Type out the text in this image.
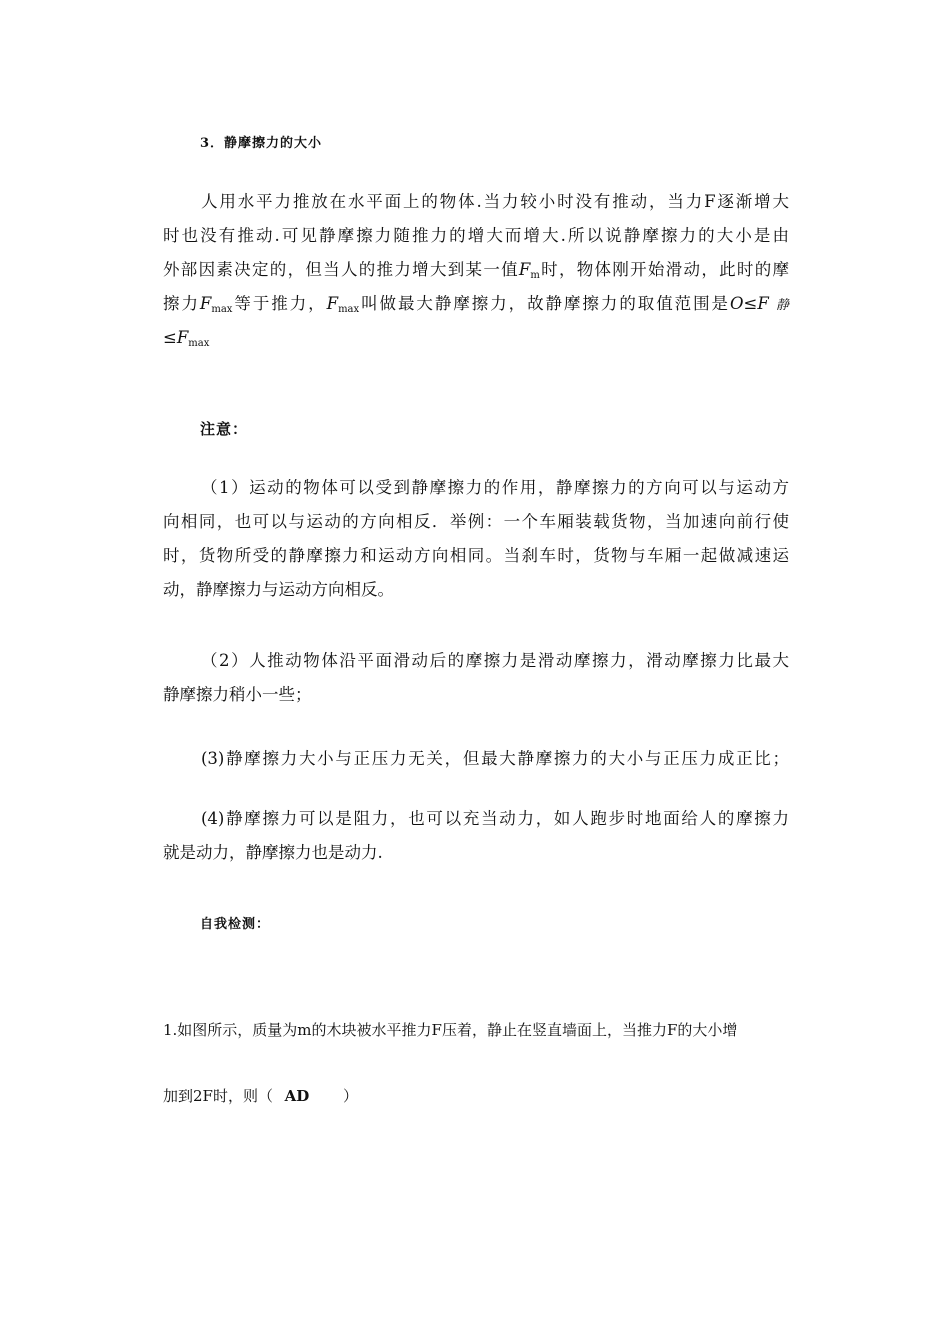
3．静摩擦力的大小
人用水平力推放在水平面上的物体.当力较小时没有推动，当力F逐渐增大
时也没有推动.可见静摩擦力随推力的增大而增大.所以说静摩擦力的大小是由
外部因素决定的，但当人的推力增大到某一值$F_m$时，物体刚开始滑动，此时的摩
擦力$F_{max}$等于推力，$F_{max}$叫做最大静摩擦力，故静摩擦力的取值范围是O≤F 静
$\le F_{max}$
注意：
（1）运动的物体可以受到静摩擦力的作用，静摩擦力的方向可以与运动方
向相同，也可以与运动的方向相反．举例：一个车厢装载货物，当加速向前行使
时，货物所受的静摩擦力和运动方向相同。当刹车时，货物与车厢一起做减速运
动，静摩擦力与运动方向相反。
（2）人推动物体沿平面滑动后的摩擦力是滑动摩擦力，滑动摩擦力比最大
静摩擦力稍小一些；
(3)静摩擦力大小与正压力无关，但最大静摩擦力的大小与正压力成正比；
(4)静摩擦力可以是阻力，也可以充当动力，如人跑步时地面给人的摩擦力
就是动力，静摩擦力也是动力.
自我检测：
1.如图所示，质量为m的木块被水平推力F压着，静止在竖直墙面上，当推力F的大小增
加到2F时，则（ AD ）
